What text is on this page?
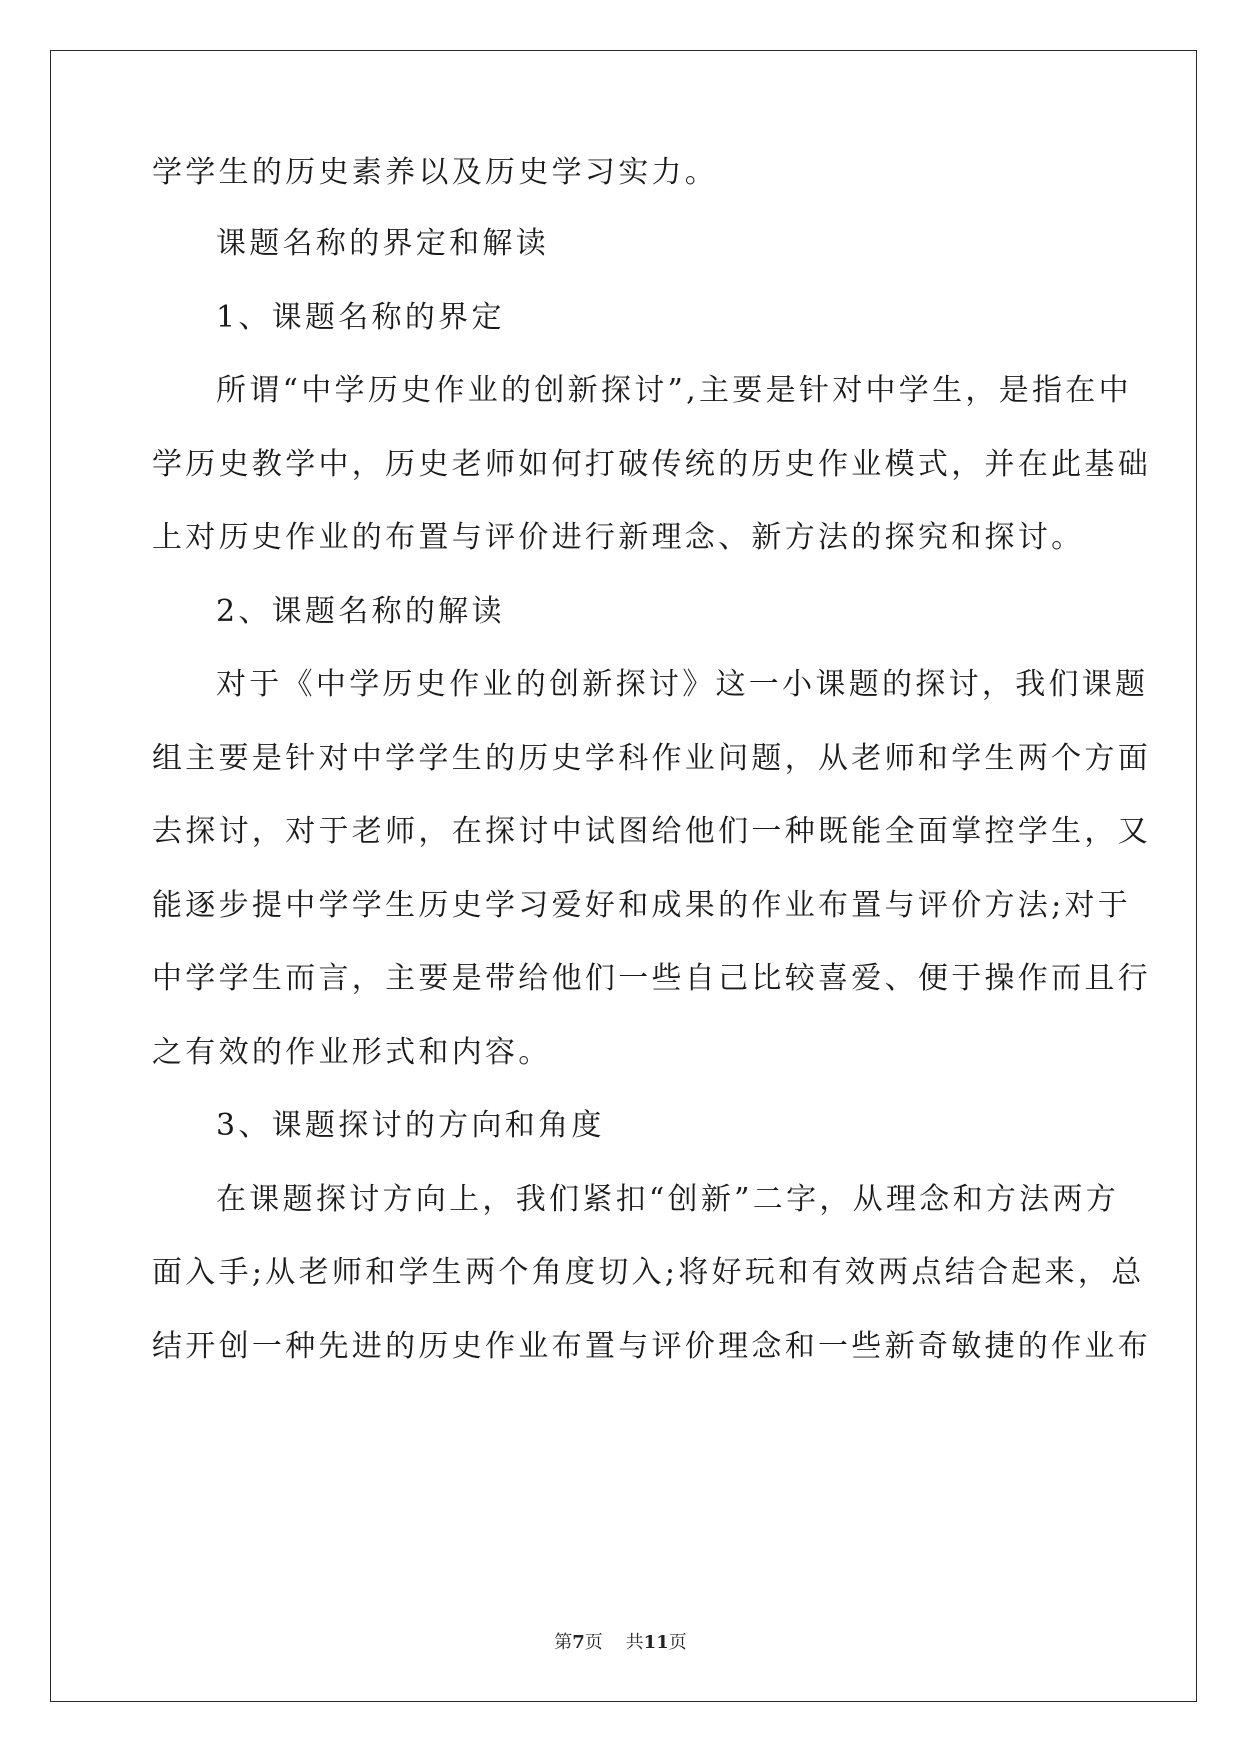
学学生的历史素养以及历史学习实力。
课题名称的界定和解读
1、课题名称的界定
所谓“中学历史作业的创新探讨”,主要是针对中学生，是指在中
学历史教学中，历史老师如何打破传统的历史作业模式，并在此基础
上对历史作业的布置与评价进行新理念、新方法的探究和探讨。
2、课题名称的解读
对于《中学历史作业的创新探讨》这一小课题的探讨，我们课题
组主要是针对中学学生的历史学科作业问题，从老师和学生两个方面
去探讨，对于老师，在探讨中试图给他们一种既能全面掌控学生，又
能逐步提中学学生历史学习爱好和成果的作业布置与评价方法;对于
中学学生而言，主要是带给他们一些自己比较喜爱、便于操作而且行
之有效的作业形式和内容。
3、课题探讨的方向和角度
在课题探讨方向上，我们紧扣“创新”二字，从理念和方法两方
面入手;从老师和学生两个角度切入;将好玩和有效两点结合起来，总
结开创一种先进的历史作业布置与评价理念和一些新奇敏捷的作业布
第7页 共11页
